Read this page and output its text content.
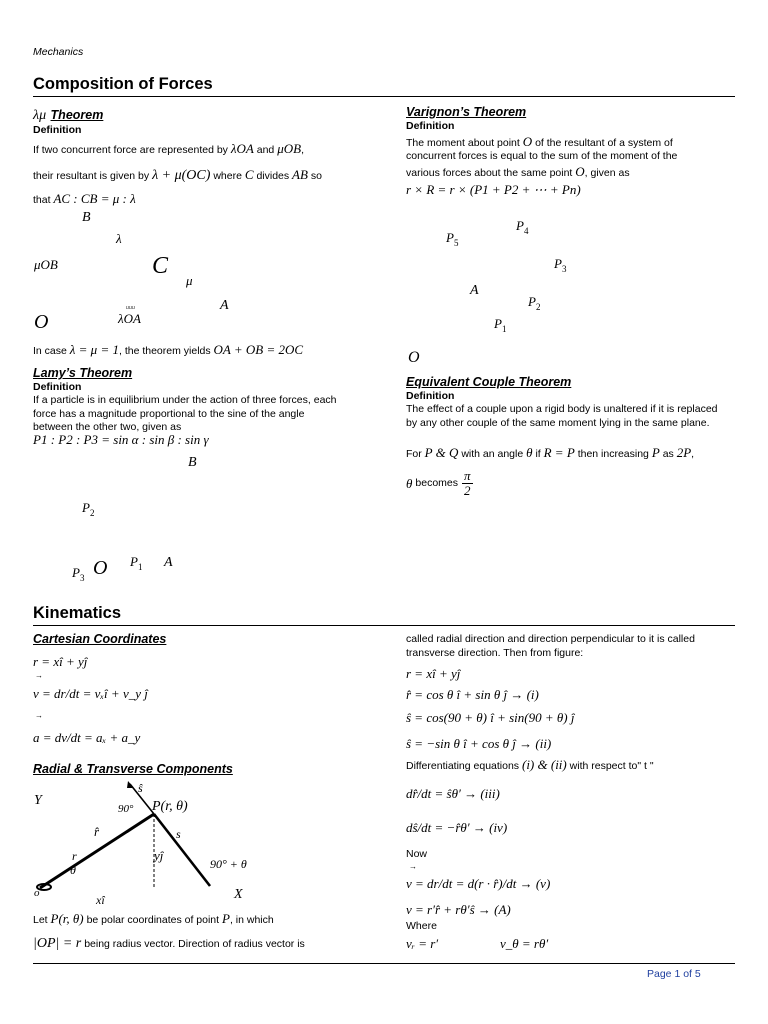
Mechanics
Composition of Forces
λμ Theorem
Definition
If two concurrent force are represented by λOA and μOB,
their resultant is given by λ + μ(OC) where C divides AB so
that AC : CB = μ : λ
B
λ
μOB	C
μ
uuu	A
O	λOA
In case λ = μ = 1, the theorem yields OA + OB = 2OC
Lamy’s Theorem
Definition
If a particle is in equilibrium under the action of three forces, each force has a magnitude proportional to the sine of the angle between the other two, given as
P1 : P2 : P3 = sin α : sin β : sin γ
B
$P_2$
$P_1$ A
O
$P_3$
Varignon’s Theorem
Definition
The moment about point O of the resultant of a system of
concurrent forces is equal to the sum of the moment of the
various forces about the same point O, given as
r × R = r × (P1 + P2 + ⋯ + Pn)
$P_4$
$P_5$
$P_3$
A
$P_2$
$P_1$
O
Equivalent Couple Theorem
Definition
The effect of a couple upon a rigid body is unaltered if it is replaced by any other couple of the same moment lying in the same plane.
For P & Q with an angle θ if R = P then increasing P as 2P,
θ becomes $\frac{\pi}{2}$
Kinematics
Cartesian Coordinates
r = xî + yĵ
→
v = dr/dt = vₓî + v_y ĵ
→
a = dv/dt = aₓ + a_y
Radial & Transverse Components
Y
ŝ
90° P(r, θ)
r̂	s
r
θ
yĵ
90° + θ
o	xî	X
Let P(r, θ) be polar coordinates of point P, in which
|OP| = r being radius vector. Direction of radius vector is
called radial direction and direction perpendicular to it is called transverse direction. Then from figure:
r = xî + yĵ
r̂ = cos θ î + sin θ ĵ → (i)
ŝ = cos(90 + θ) î + sin(90 + θ) ĵ
ŝ = −sin θ î + cos θ ĵ → (ii)
Differentiating equations (i) & (ii) with respect to" t "
dr̂/dt = ŝθ′ → (iii)
dŝ/dt = −r̂θ′ → (iv)
Now
→
v = dr/dt = d(r · r̂)/dt → (v)
v = r′r̂ + rθ′ŝ → (A)
Where
vᵣ = r′	v_θ = rθ′
Page 1 of 5
